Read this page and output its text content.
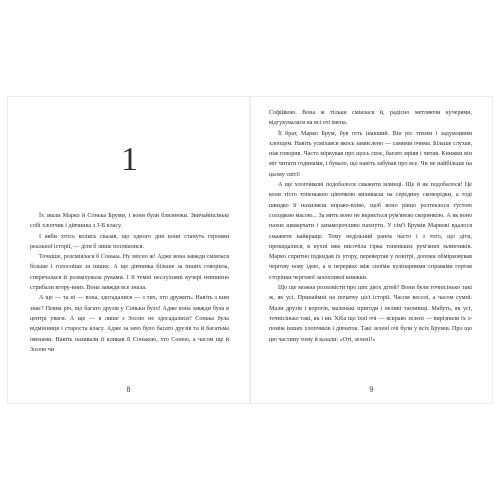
1

Їх звали Марко й Сонька Бруми, і вони були близнюки. Звичайнісінькі собі хлопчик і дівчинка з 3-Б класу.

І якби хтось колись сказав, що одного дня вони стануть героями реальної історії, — діти б лише посміялися.

Точніше, розсміялася б Сонька. Ну звісно ж! Адже вона завжди сміялася більше і голосніше за інших. А ще дівчинка більше за інших говорила, сперечалася й розмахувала руками. І її темні неслухняні кучері невпинно стрибали вгору-вниз. Вона завжди все знала.

А ще — та ні — вона, здогадалися — з тих, хто дружить. Навіть з ким знає? Певна річ, що багато друзів у Соньки було! Адже вона завжди була в центрі уваги. А ще — я лише з Зосею не здогадалися? Сонька була відмінниця і староста класу. Адже за нею було багато друзів та й багатьма іменами. Навіть називали її кликав її Сонькою, хто Сонею, а часом ще й Зосею чи

8

Софійкою. Вона ж тільки сміялася й, радісно метляючи кучерями, відгукувалася на всі оті імена.

Її брат, Марко Брум, був геть інакший. Він ріс тихим і задумливим хлопцем. Навіть усміхався якось замислено — самими очима. Більше слухав, ніж говорив. Часто міркував про щось своє, багато мріяв і читав. Книжки він міг читати годинами, і бувало, що навіть забував про все. Чи не найбільше на цьому світі!

А ще хлопчикові подобалося смажити млинці. Ще й як подобалося! Це коли тісто тоненькою цівочкою виливаєш на середину сковорідки, а тоді швидко її нахиляєш вправо-вліво, щоб воно рівно розтеклося густою солодкою масою... За мить воно не вкриється рум'яною скоринкою. А як воно пахне шкварчати і запаморочливо пахнути. У сім'ї Брумів Маркові вдалося смажити найкраще. Тому недільний ранок часто і з того, що діти, прокидалися, в кухні вже височіла гірка тоненьких рум'яних млинчиків. Марко спритно підкидав їх угору, перевертав у повітрі, допоки обмірковував чергову нову ідею, а в перервах між своїми кулінарними справами гортав сторінки чергової захопливої книжки.

Що ще можна розповісти про цих двох дітей? Вони були точнісінько такі ж, як усі. Принаймні на початку цієї історії. Часом веселі, а часом сумні. Мали друзів і ворогів, маленькі пригоди і великі таємниці. Мабуть, як усі, точнісінько такі, як і ви. Хіба що їхні очі — яскраво зелені — вирізняли їх з-поміж інших хлопчиків і дівчаток. Такі зелені очі були у всіх Брумів. Про що цю частину тому й казали: «Оті, зелені!»

9
